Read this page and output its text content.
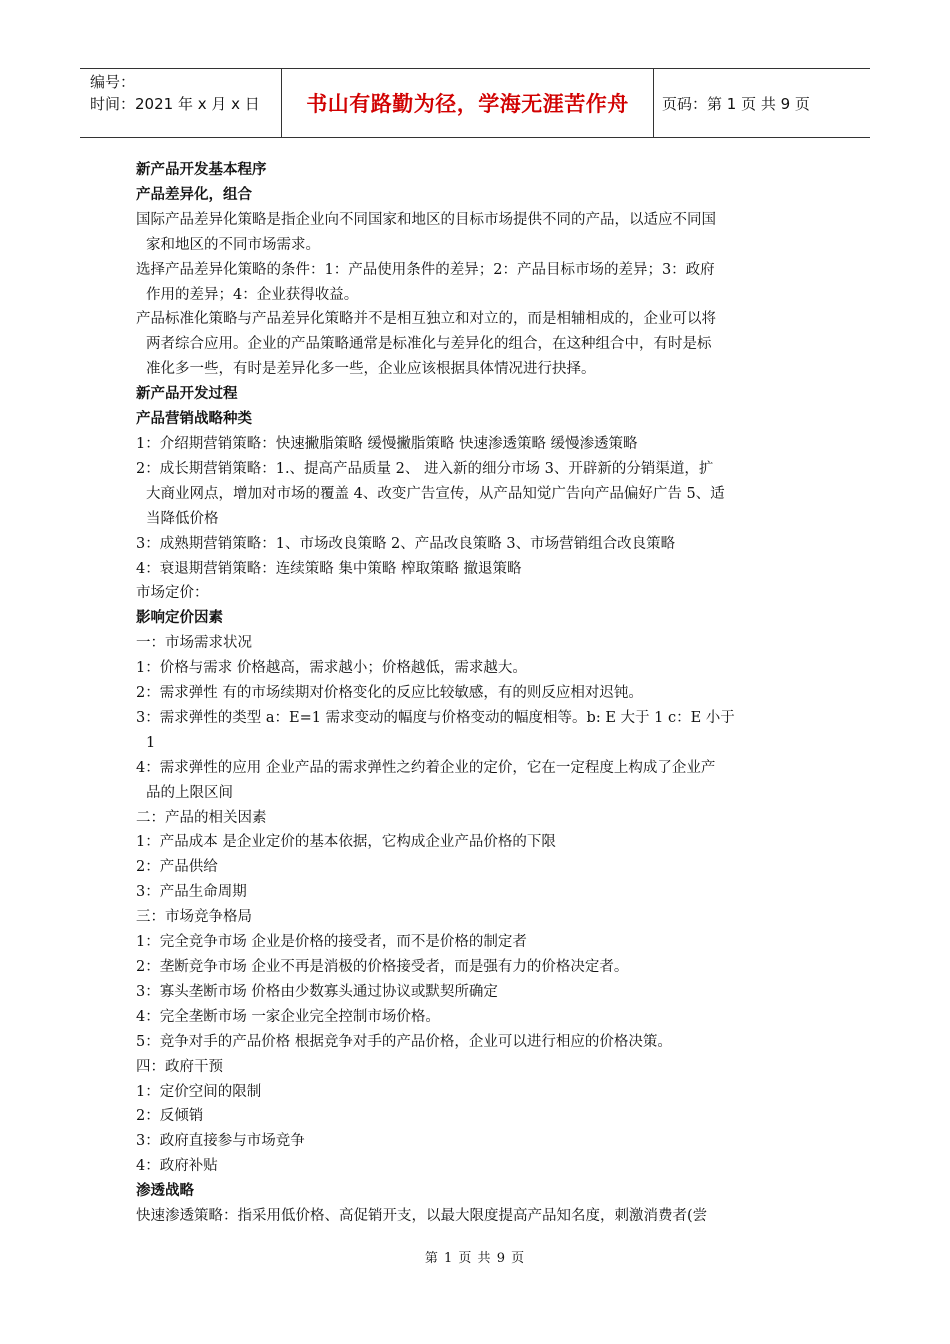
编号：
时间：2021 年 x 月 x 日	书山有路勤为径，学海无涯苦作舟	页码：第 1 页 共 9 页

新产品开发基本程序

产品差异化，组合

国际产品差异化策略是指企业向不同国家和地区的目标市场提供不同的产品，以适应不同国

家和地区的不同市场需求。

选择产品差异化策略的条件：1：产品使用条件的差异；2：产品目标市场的差异；3：政府

作用的差异；4：企业获得收益。

产品标准化策略与产品差异化策略并不是相互独立和对立的，而是相辅相成的，企业可以将

两者综合应用。企业的产品策略通常是标准化与差异化的组合，在这种组合中，有时是标

准化多一些，有时是差异化多一些，企业应该根据具体情况进行抉择。

新产品开发过程

产品营销战略种类

1：介绍期营销策略：快速撇脂策略 缓慢撇脂策略 快速渗透策略 缓慢渗透策略

2：成长期营销策略：1.、提高产品质量 2、 进入新的细分市场 3、开辟新的分销渠道，扩

大商业网点，增加对市场的覆盖 4、改变广告宣传，从产品知觉广告向产品偏好广告 5、适

当降低价格

3：成熟期营销策略：1、市场改良策略 2、产品改良策略 3、市场营销组合改良策略

4：衰退期营销策略：连续策略 集中策略 榨取策略 撤退策略

市场定价：

影响定价因素

一：市场需求状况

1：价格与需求 价格越高，需求越小；价格越低，需求越大。

2：需求弹性 有的市场续期对价格变化的反应比较敏感，有的则反应相对迟钝。

3：需求弹性的类型 a：E=1 需求变动的幅度与价格变动的幅度相等。b: E 大于 1 c：E 小于

1

4：需求弹性的应用 企业产品的需求弹性之约着企业的定价，它在一定程度上构成了企业产

品的上限区间

二：产品的相关因素

1：产品成本 是企业定价的基本依据，它构成企业产品价格的下限

2：产品供给

3：产品生命周期

三：市场竞争格局

1：完全竞争市场 企业是价格的接受者，而不是价格的制定者

2：垄断竞争市场 企业不再是消极的价格接受者，而是强有力的价格决定者。

3：寡头垄断市场 价格由少数寡头通过协议或默契所确定

4：完全垄断市场 一家企业完全控制市场价格。

5：竞争对手的产品价格 根据竞争对手的产品价格，企业可以进行相应的价格决策。

四：政府干预

1：定价空间的限制

2：反倾销

3：政府直接参与市场竞争

4：政府补贴

渗透战略

快速渗透策略：指采用低价格、高促销开支，以最大限度提高产品知名度，刺激消费者(尝

第 1 页 共 9 页
